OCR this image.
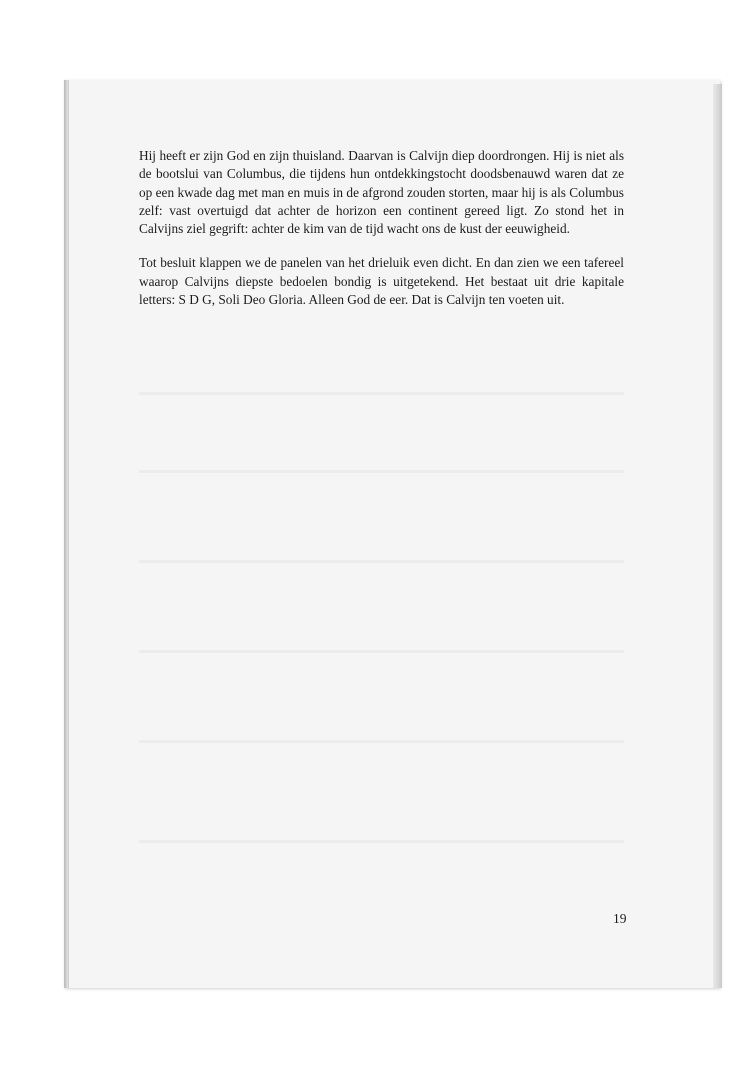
Hij heeft er zijn God en zijn thuisland. Daarvan is Calvijn diep doordrongen. Hij is niet als de bootslui van Columbus, die tijdens hun ontdekkingstocht doodsbenauwd waren dat ze op een kwade dag met man en muis in de afgrond zouden storten, maar hij is als Columbus zelf: vast overtuigd dat achter de horizon een continent gereed ligt. Zo stond het in Calvijns ziel gegrift: achter de kim van de tijd wacht ons de kust der eeuwigheid.

Tot besluit klappen we de panelen van het drieluik even dicht. En dan zien we een tafereel waarop Calvijns diepste bedoelen bondig is uitgetekend. Het bestaat uit drie kapitale letters: S D G, Soli Deo Gloria. Alleen God de eer. Dat is Calvijn ten voeten uit.

19
